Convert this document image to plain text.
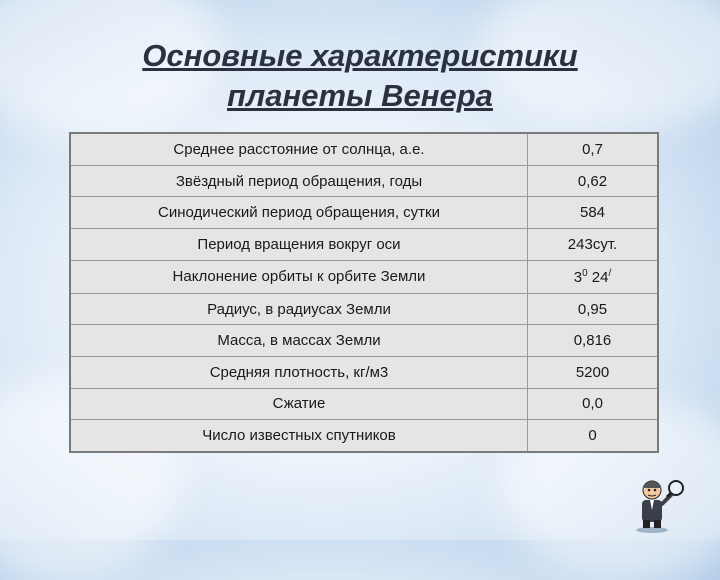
Основные характеристики
планеты Венера
Среднее расстояние от солнца, а.е.	0,7
Звёздный период обращения, годы	0,62
Синодический период обращения, сутки	584
Период вращения вокруг оси	243сут.
Наклонение орбиты к орбите Земли	$3^0$ 24/
Радиус, в радиусах Земли	0,95
Масса, в массах Земли	0,816
Средняя плотность, кг/м3	5200
Сжатие	0,0
Число известных спутников	0
